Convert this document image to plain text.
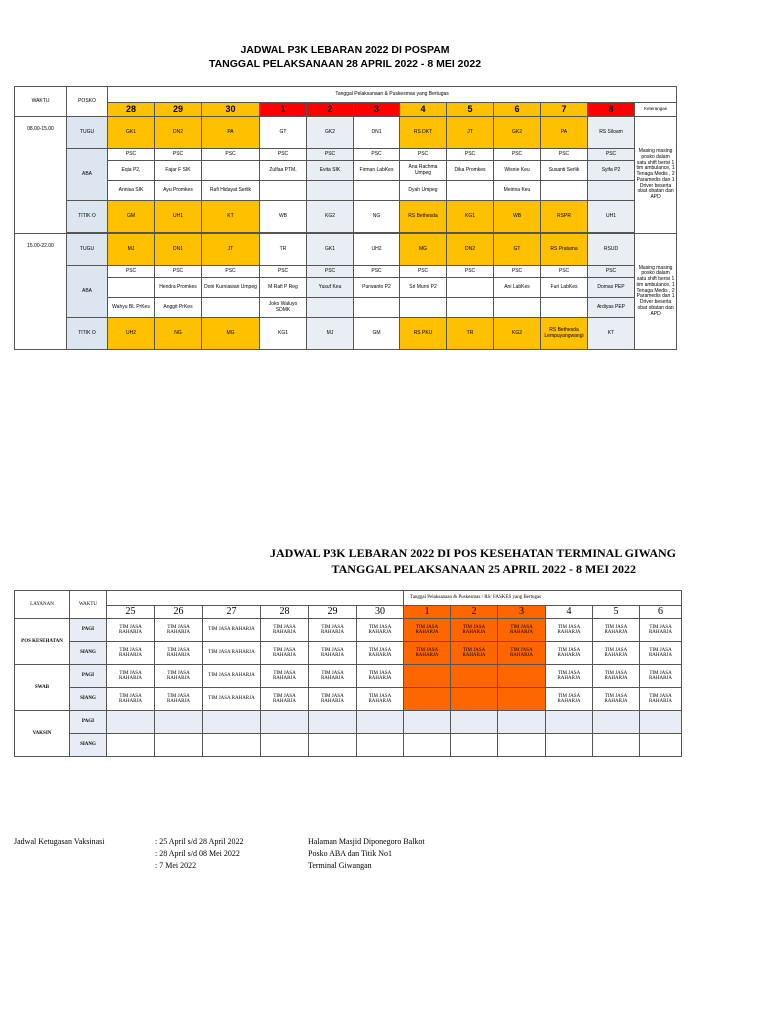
JADWAL P3K LEBARAN 2022 DI POSPAM
TANGGAL PELAKSANAAN 28 APRIL 2022 - 8 MEI 2022
WAKTU	POSKO	Tanggal Pelaksanaan & Puskesmas yang Bertugas											
		28	29	30	1	2	3	4	5	6	7	8	Keterangan
08.00-15.00	TUGU	GK1	DN2	PA	GT	GK2	DN1	RS DKT	JT	GK2	PA	RS Siloam	Masing masing posko dalam satu shift berisi 1 tim ambulance, 1 Tenaga Medis , 2 Paramedis dan 1 Driver beserta obat obatan dan APD
	ABA	PSC	PSC	PSC	PSC	PSC	PSC	PSC	PSC	PSC	PSC	PSC	
		Eqia P2,	Fajar F SIK		Zulfaa PTM,	Evita SIK	Firman LabKes	Ana Rachma Umpeg	Dika Promkes	Wisnie Keu	Susanti Serlik	Syifa P2	
		Annisa SIK	Ayu Promkes	Rafi Hidayat Serlik				Dyah Umpeg		Meirina Keu			
	TITIK O	GM	UH1	KT	WB	KG2	NG	RS Bethesda	KG1	WB	RSPR	UH1	

15.00-22.00	TUGU	MJ	DN1	JT	TR	GK1	UH2	MG	DN2	GT	RS Pratama	RSUD	Masing masing posko dalam satu shift berisi 1 tim ambulance, 1 Tenaga Medis , 2 Paramedis dan 1 Driver beserta obat obatan dan APD
	ABA	PSC	PSC	PSC	PSC	PSC	PSC	PSC	PSC	PSC	PSC	PSC	
			Hendra Promkes	Doni Kurniawan Umpeg	M Rafi P Reg	Yusuf Keu	Purwanto P2	Sri Murni P2		Ani LabKes	Furi LabKes	Domas PEP	
		Wahyu BL PrKes	Anggit PrKes		Joko Waluyo SDMK							Ardiyas PEP	
	TITIK O	UH2	NG	MG	KG1	MJ	GM	RS PKU	TR	KG2	RS Bethesda Lempuyangwangi	KT	
JADWAL P3K LEBARAN 2022 DI POS KESEHATAN TERMINAL GIWANG
TANGGAL PELAKSANAAN 25 APRIL 2022 - 8 MEI 2022
LAYANAN	WAKTU							Tanggal Pelaksanaan & Puskesmas / RS/ FASKES yang Bertugas					
		25	26	27	28	29	30	1	2	3	4	5	6
POS KESEHATAN	PAGI	TIM JASA RAHARJA	TIM JASA RAHARJA	TIM JASA RAHARJA	TIM JASA RAHARJA	TIM JASA RAHARJA	TIM JASA RAHARJA	TIM JASA RAHARJA	TIM JASA RAHARJA	TIM JASA RAHARJA	TIM JASA RAHARJA	TIM JASA RAHARJA	TIM JASA RAHARJA
	SIANG	TIM JASA RAHARJA	TIM JASA RAHARJA	TIM JASA RAHARJA	TIM JASA RAHARJA	TIM JASA RAHARJA	TIM JASA RAHARJA	TIM JASA RAHARJA	TIM JASA RAHARJA	TIM JASA RAHARJA	TIM JASA RAHARJA	TIM JASA RAHARJA	TIM JASA RAHARJA
SWAB	PAGI	TIM JASA RAHARJA	TIM JASA RAHARJA	TIM JASA RAHARJA	TIM JASA RAHARJA	TIM JASA RAHARJA	TIM JASA RAHARJA				TIM JASA RAHARJA	TIM JASA RAHARJA	TIM JASA RAHARJA
	SIANG	TIM JASA RAHARJA	TIM JASA RAHARJA	TIM JASA RAHARJA	TIM JASA RAHARJA	TIM JASA RAHARJA	TIM JASA RAHARJA				TIM JASA RAHARJA	TIM JASA RAHARJA	TIM JASA RAHARJA
VAKSIN	PAGI												
	SIANG												
Jadwal Ketugasan Vaksinasi	: 25 April s/d 28 April 2022
: 28 April s/d 08 Mei 2022
: 7 Mei 2022
Halaman Masjid Diponegoro Balkot
Posko ABA dan Titik No1
Terminal Giwangan
